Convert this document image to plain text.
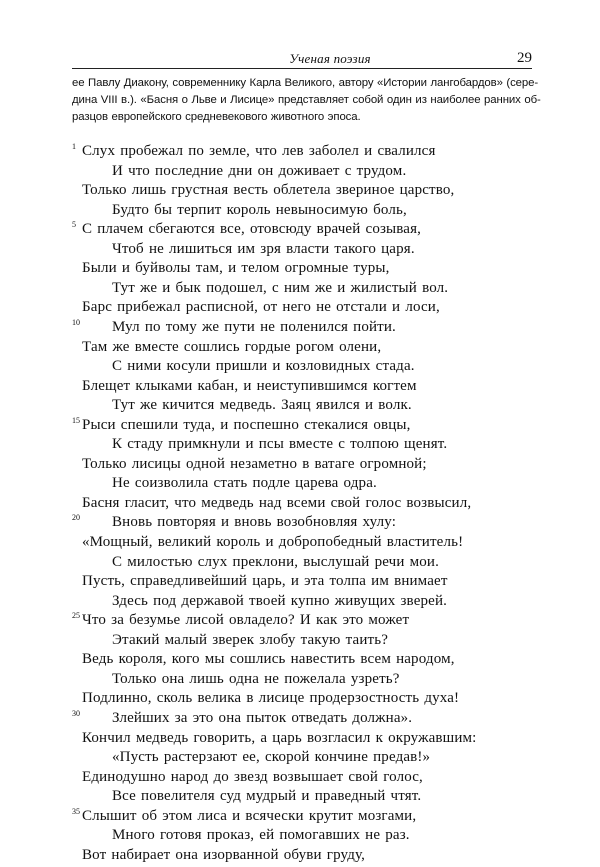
Ученая поэзия	29
ее Павлу Диакону, современнику Карла Великого, автору «Истории лангобардов» (сере-
дина VIII в.). «Басня о Льве и Лисице» представляет собой один из наиболее ранних об-
разцов европейского средневекового животного эпоса.
Слух пробежал по земле, что лев заболел и свалился
1
И что последние дни он доживает с трудом.
Только лишь грустная весть облетела звериное царство,
Будто бы терпит король невыносимую боль,
С плачем сбегаются все, отовсюду врачей созывая,
5
Чтоб не лишиться им зря власти такого царя.
Были и буйволы там, и телом огромные туры,
Тут же и бык подошел, с ним же и жилистый вол.
Барс прибежал расписной, от него не отстали и лоси,
Мул по тому же пути не поленился пойти.
10
Там же вместе сошлись гордые рогом олени,
С ними косули пришли и козловидных стада.
Блещет клыками кабан, и неиступившимся когтем
Тут же кичится медведь. Заяц явился и волк.
Рыси спешили туда, и поспешно стекалися овцы,
15
К стаду примкнули и псы вместе с толпою щенят.
Только лисицы одной незаметно в ватаге огромной;
Не соизволила стать подле царева одра.
Басня гласит, что медведь над всеми свой голос возвысил,
Вновь повторяя и вновь возобновляя хулу:
20
«Мощный, великий король и добропобедный властитель!
С милостью слух преклони, выслушай речи мои.
Пусть, справедливейший царь, и эта толпа им внимает
Здесь под державой твоей купно живущих зверей.
Что за безумье лисой овладело? И как это может
25
Этакий малый зверек злобу такую таить?
Ведь короля, кого мы сошлись навестить всем народом,
Только она лишь одна не пожелала узреть?
Подлинно, сколь велика в лисице продерзостность духа!
Злейших за это она пыток отведать должна».
30
Кончил медведь говорить, а царь возгласил к окружавшим:
«Пусть растерзают ее, скорой кончине предав!»
Единодушно народ до звезд возвышает свой голос,
Все повелителя суд мудрый и праведный чтят.
Слышит об этом лиса и всячески крутит мозгами,
35
Много готовя проказ, ей помогавших не раз.
Вот набирает она изорванной обуви груду,
